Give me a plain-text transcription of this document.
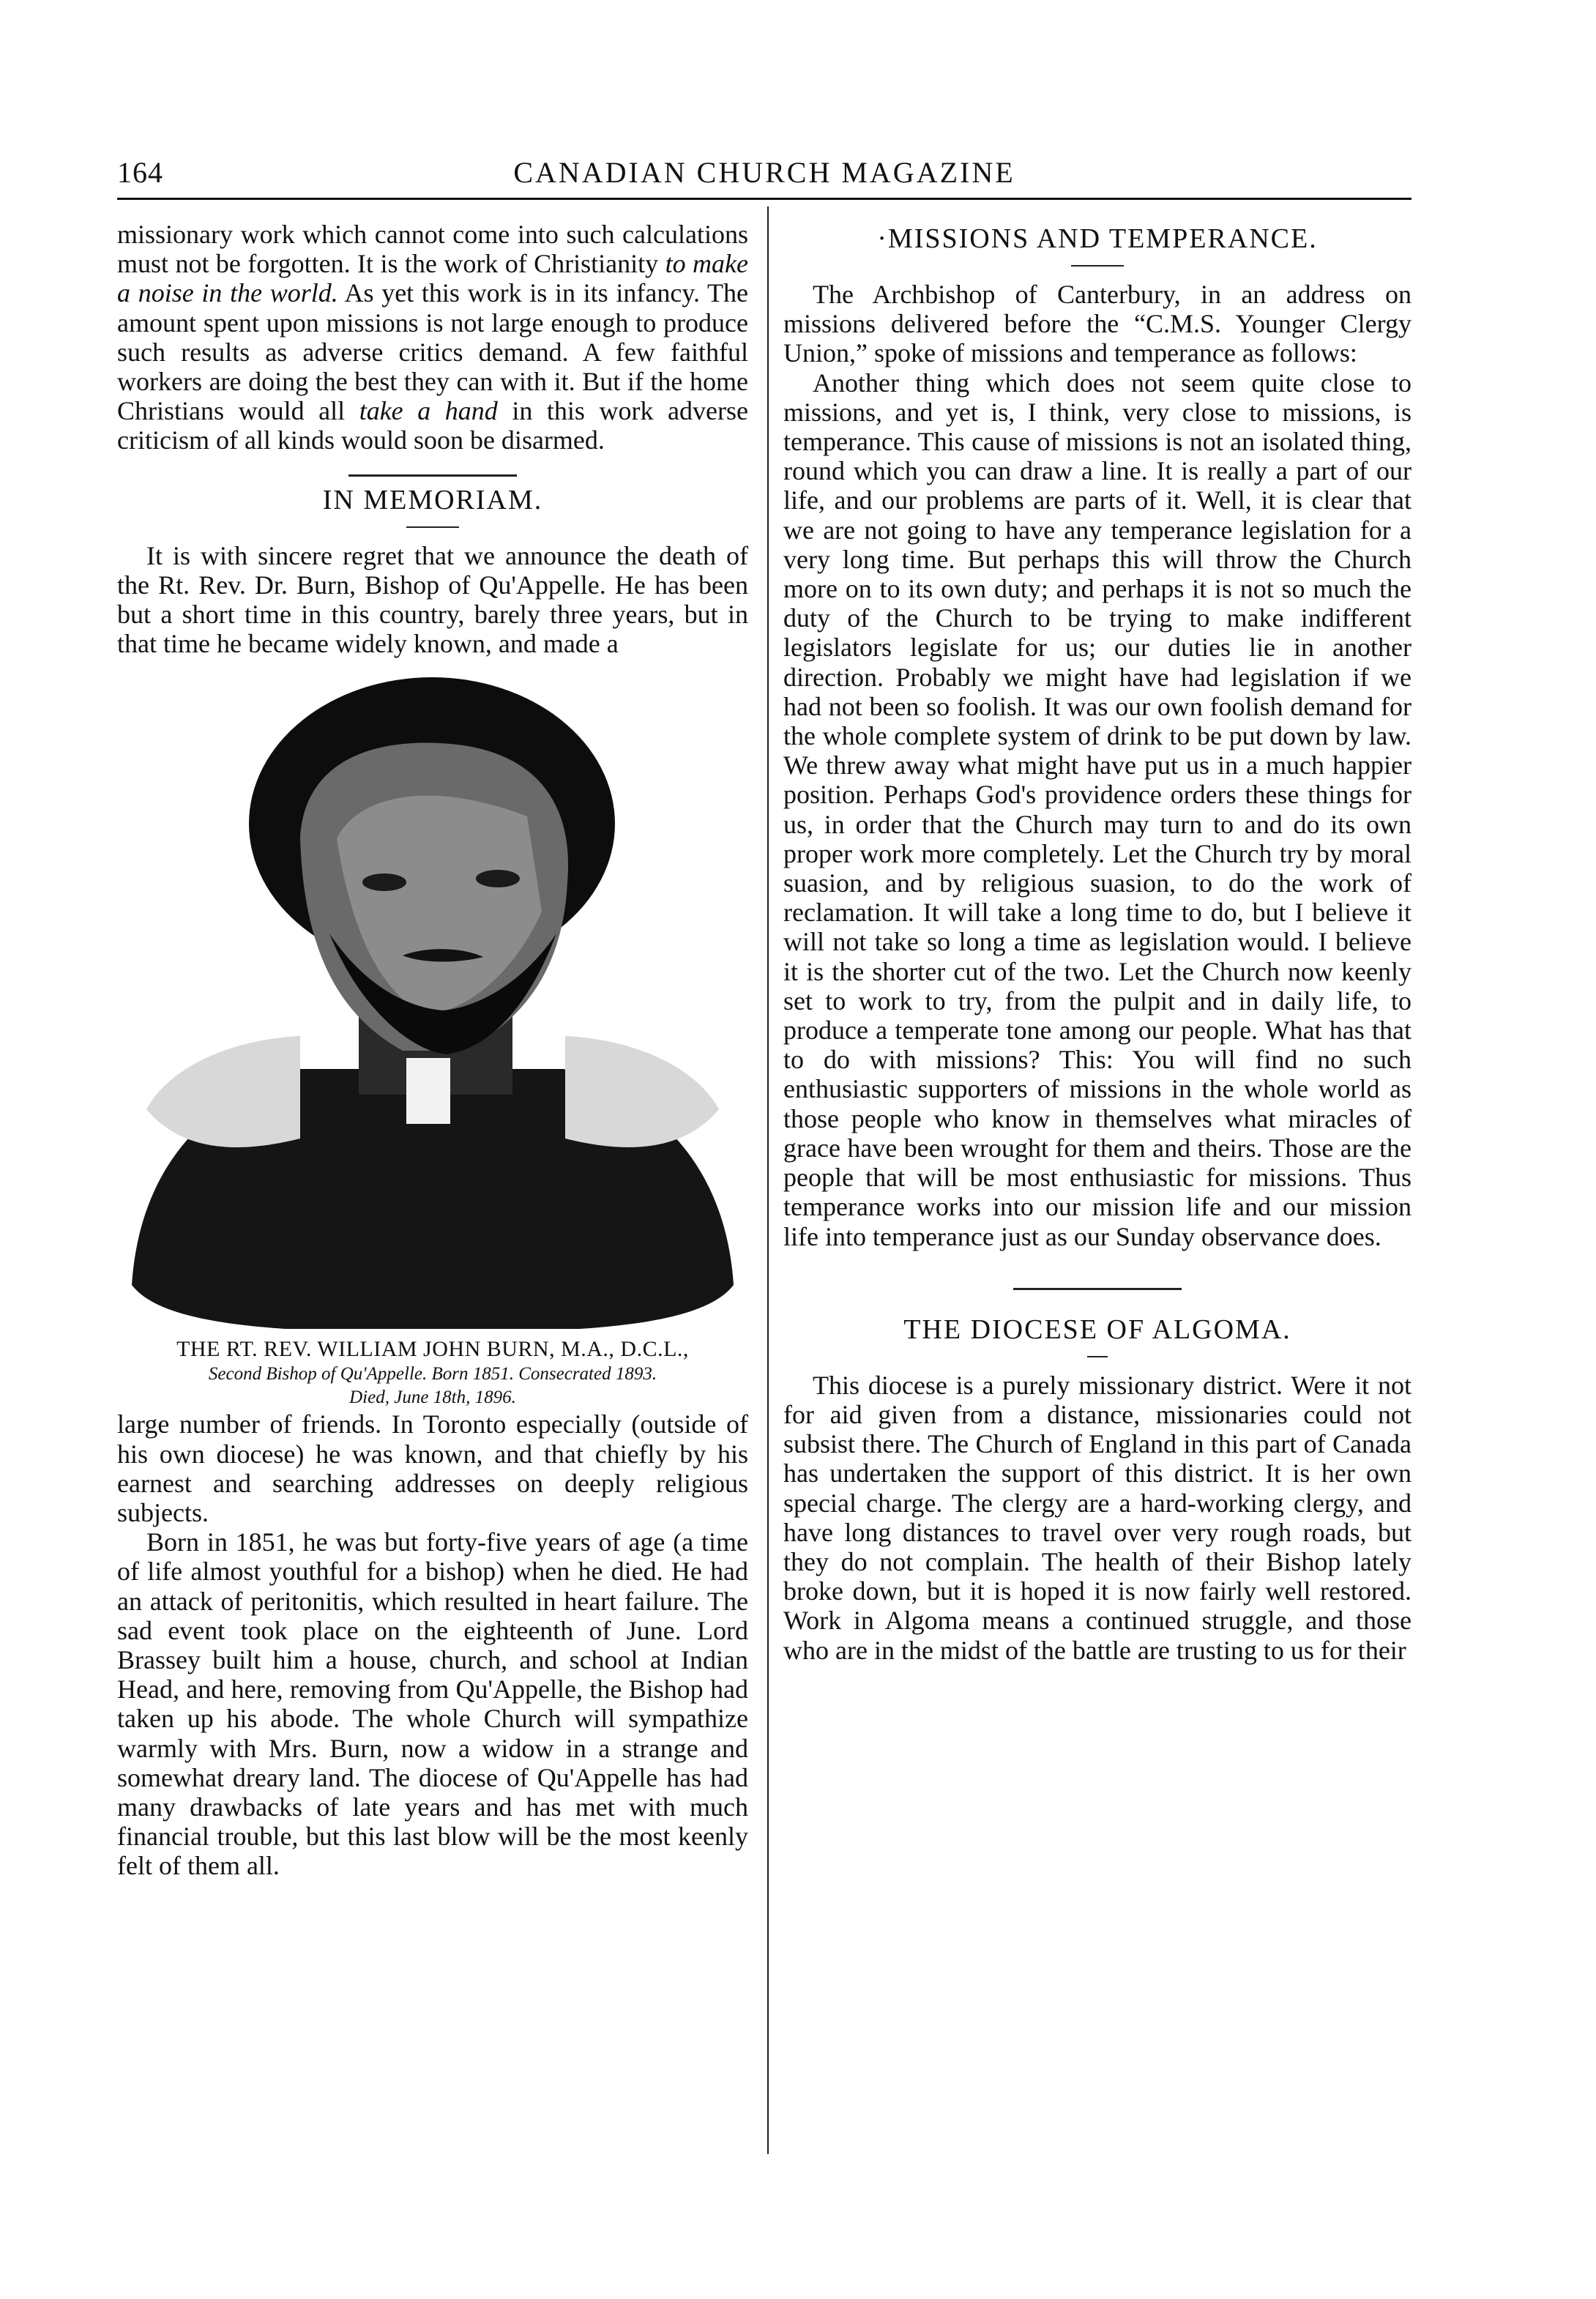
164	CANADIAN CHURCH MAGAZINE

missionary work which cannot come into such calculations must not be forgotten. It is the work of Christianity to make a noise in the world. As yet this work is in its infancy. The amount spent upon missions is not large enough to produce such results as adverse critics demand. A few faithful workers are doing the best they can with it. But if the home Christians would all take a hand in this work adverse criticism of all kinds would soon be disarmed.

IN MEMORIAM.

It is with sincere regret that we announce the death of the Rt. Rev. Dr. Burn, Bishop of Qu'Appelle. He has been but a short time in this country, barely three years, but in that time he became widely known, and made a

THE RT. REV. WILLIAM JOHN BURN, M.A., D.C.L.,
Second Bishop of Qu'Appelle. Born 1851. Consecrated 1893.
Died, June 18th, 1896.

large number of friends. In Toronto especially (outside of his own diocese) he was known, and that chiefly by his earnest and searching addresses on deeply religious subjects.

Born in 1851, he was but forty-five years of age (a time of life almost youthful for a bishop) when he died. He had an attack of peritonitis, which resulted in heart failure. The sad event took place on the eighteenth of June. Lord Brassey built him a house, church, and school at Indian Head, and here, removing from Qu'Appelle, the Bishop had taken up his abode. The whole Church will sympathize warmly with Mrs. Burn, now a widow in a strange and somewhat dreary land. The diocese of Qu'Appelle has had many drawbacks of late years and has met with much financial trouble, but this last blow will be the most keenly felt of them all.

·MISSIONS AND TEMPERANCE.

The Archbishop of Canterbury, in an address on missions delivered before the “C.M.S. Younger Clergy Union,” spoke of missions and temperance as follows:

Another thing which does not seem quite close to missions, and yet is, I think, very close to missions, is temperance. This cause of missions is not an isolated thing, round which you can draw a line. It is really a part of our life, and our problems are parts of it. Well, it is clear that we are not going to have any temperance legislation for a very long time. But perhaps this will throw the Church more on to its own duty; and perhaps it is not so much the duty of the Church to be trying to make indifferent legislators legislate for us; our duties lie in another direction. Probably we might have had legislation if we had not been so foolish. It was our own foolish demand for the whole complete system of drink to be put down by law. We threw away what might have put us in a much happier position. Perhaps God's providence orders these things for us, in order that the Church may turn to and do its own proper work more completely. Let the Church try by moral suasion, and by religious suasion, to do the work of reclamation. It will take a long time to do, but I believe it will not take so long a time as legislation would. I believe it is the shorter cut of the two. Let the Church now keenly set to work to try, from the pulpit and in daily life, to produce a temperate tone among our people. What has that to do with missions? This: You will find no such enthusiastic supporters of missions in the whole world as those people who know in themselves what miracles of grace have been wrought for them and theirs. Those are the people that will be most enthusiastic for missions. Thus temperance works into our mission life and our mission life into temperance just as our Sunday observance does.

THE DIOCESE OF ALGOMA.

This diocese is a purely missionary district. Were it not for aid given from a distance, missionaries could not subsist there. The Church of England in this part of Canada has undertaken the support of this district. It is her own special charge. The clergy are a hard-working clergy, and have long distances to travel over very rough roads, but they do not complain. The health of their Bishop lately broke down, but it is hoped it is now fairly well restored. Work in Algoma means a continued struggle, and those who are in the midst of the battle are trusting to us for their
